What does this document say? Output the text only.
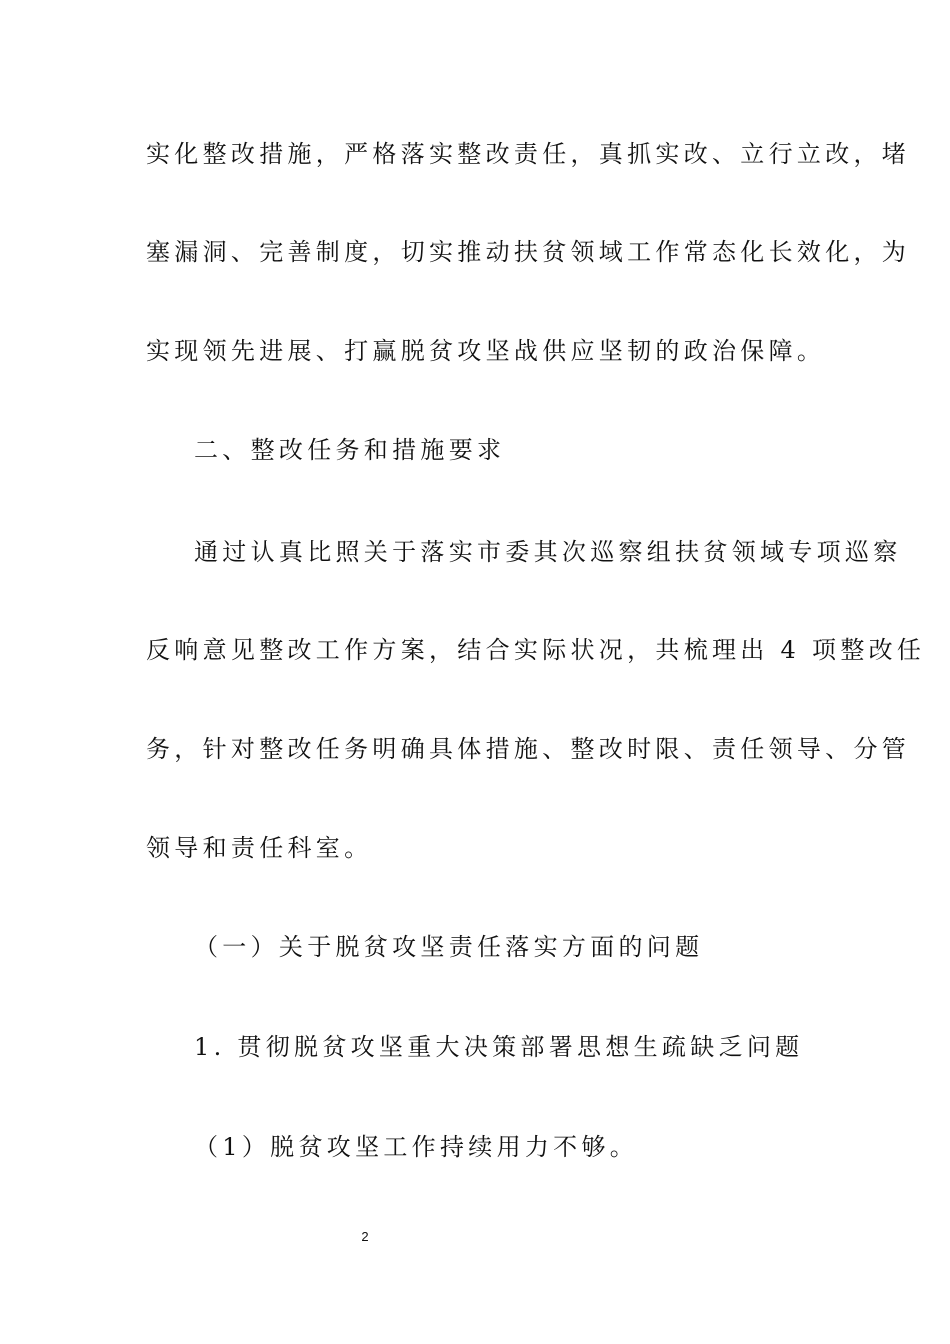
实化整改措施，严格落实整改责任，真抓实改、立行立改，堵
塞漏洞、完善制度，切实推动扶贫领域工作常态化长效化，为
实现领先进展、打赢脱贫攻坚战供应坚韧的政治保障。
二、整改任务和措施要求
通过认真比照关于落实市委其次巡察组扶贫领域专项巡察
反响意见整改工作方案，结合实际状况，共梳理出 4 项整改任
务，针对整改任务明确具体措施、整改时限、责任领导、分管
领导和责任科室。
（一）关于脱贫攻坚责任落实方面的问题
1. 贯彻脱贫攻坚重大决策部署思想生疏缺乏问题
（1）脱贫攻坚工作持续用力不够。
2
